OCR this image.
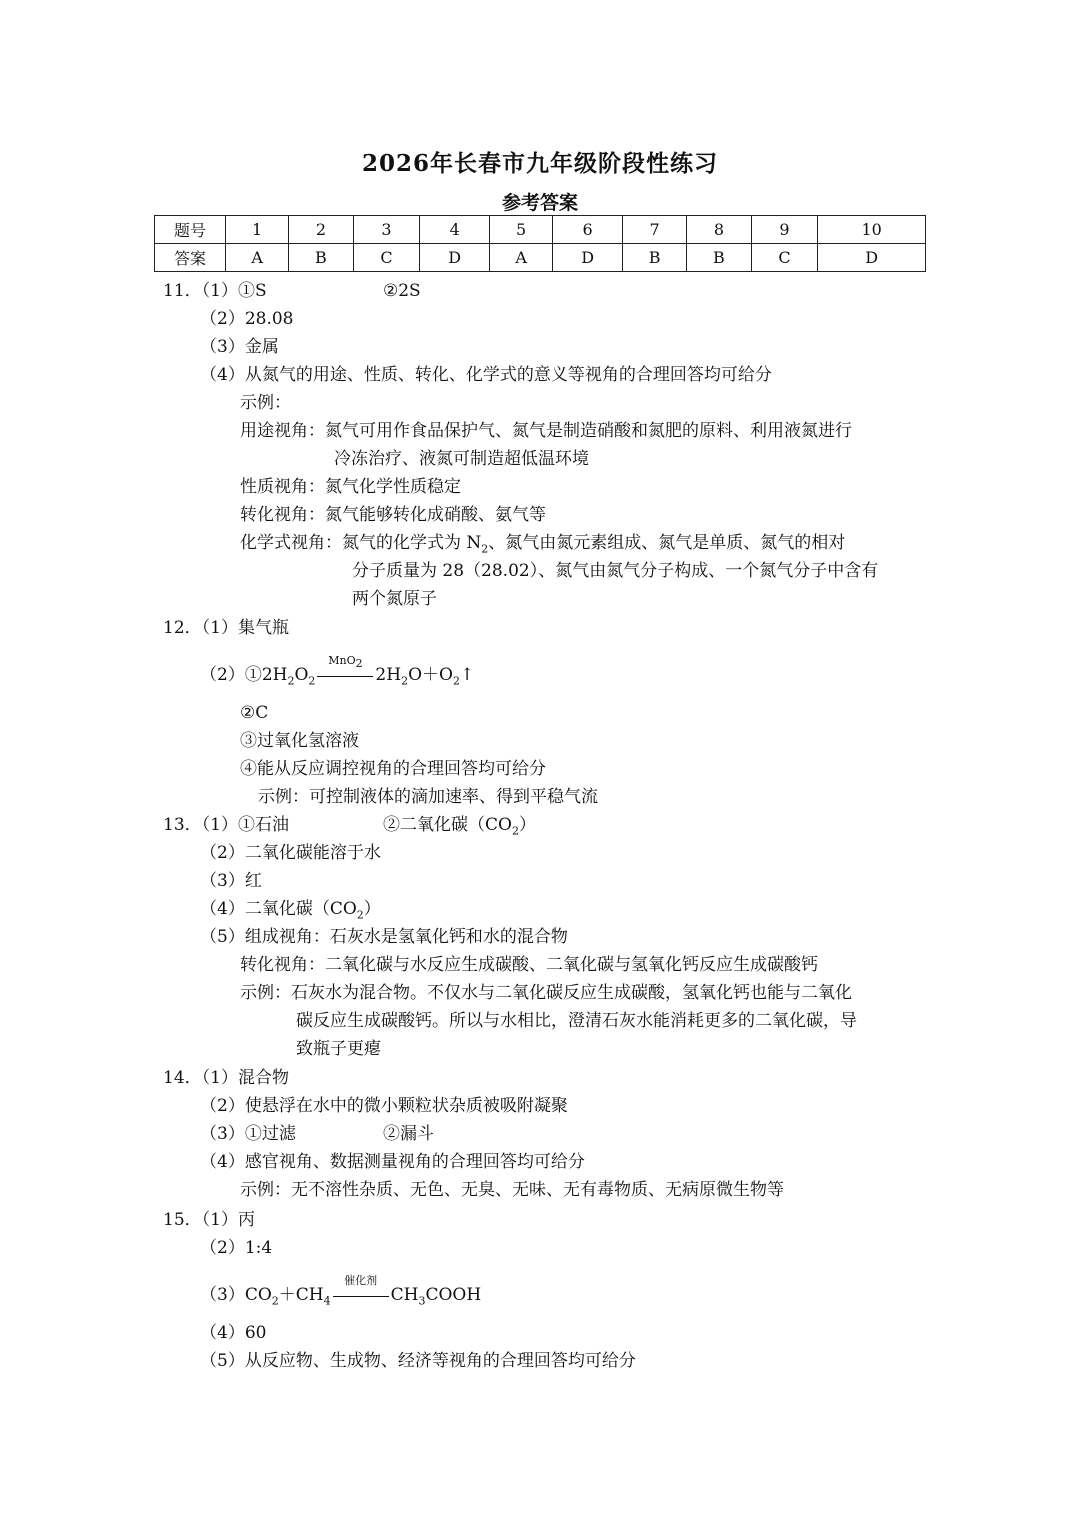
2026年长春市九年级阶段性练习
参考答案
题号	1	2	3	4	5	6	7	8	9	10
答案	A	B	C	D	A	D	B	B	C	D
11．（1）①S	②2S
（2）28.08
（3）金属
（4）从氮气的用途、性质、转化、化学式的意义等视角的合理回答均可给分
示例：
用途视角：氮气可用作食品保护气、氮气是制造硝酸和氮肥的原料、利用液氮进行
冷冻治疗、液氮可制造超低温环境
性质视角：氮气化学性质稳定
转化视角：氮气能够转化成硝酸、氨气等
化学式视角：氮气的化学式为 $N_2$、氮气由氮元素组成、氮气是单质、氮气的相对
分子质量为 28（28.02）、氮气由氮气分子构成、一个氮气分子中含有
两个氮原子
12．（1）集气瓶
$(2)①2H_2O_2$
MnO$_2$
$2H_2O+O_2↑$
②C
③过氧化氢溶液
④能从反应调控视角的合理回答均可给分
示例：可控制液体的滴加速率、得到平稳气流
13．（1）①石油	②二氧化碳$(CO_2)$
（2）二氧化碳能溶于水
（3）红
（4）二氧化碳$(CO_2)$
（5）组成视角：石灰水是氢氧化钙和水的混合物
转化视角：二氧化碳与水反应生成碳酸、二氧化碳与氢氧化钙反应生成碳酸钙
示例：石灰水为混合物。不仅水与二氧化碳反应生成碳酸，氢氧化钙也能与二氧化
碳反应生成碳酸钙。所以与水相比，澄清石灰水能消耗更多的二氧化碳，导
致瓶子更瘪
14．（1）混合物
（2）使悬浮在水中的微小颗粒状杂质被吸附凝聚
（3）①过滤	②漏斗
（4）感官视角、数据测量视角的合理回答均可给分
示例：无不溶性杂质、无色、无臭、无味、无有毒物质、无病原微生物等
15．（1）丙
（2）1:4
$(3)CO_2+CH_4$
催化剂
$CH_3COOH$
（4）60
（5）从反应物、生成物、经济等视角的合理回答均可给分
